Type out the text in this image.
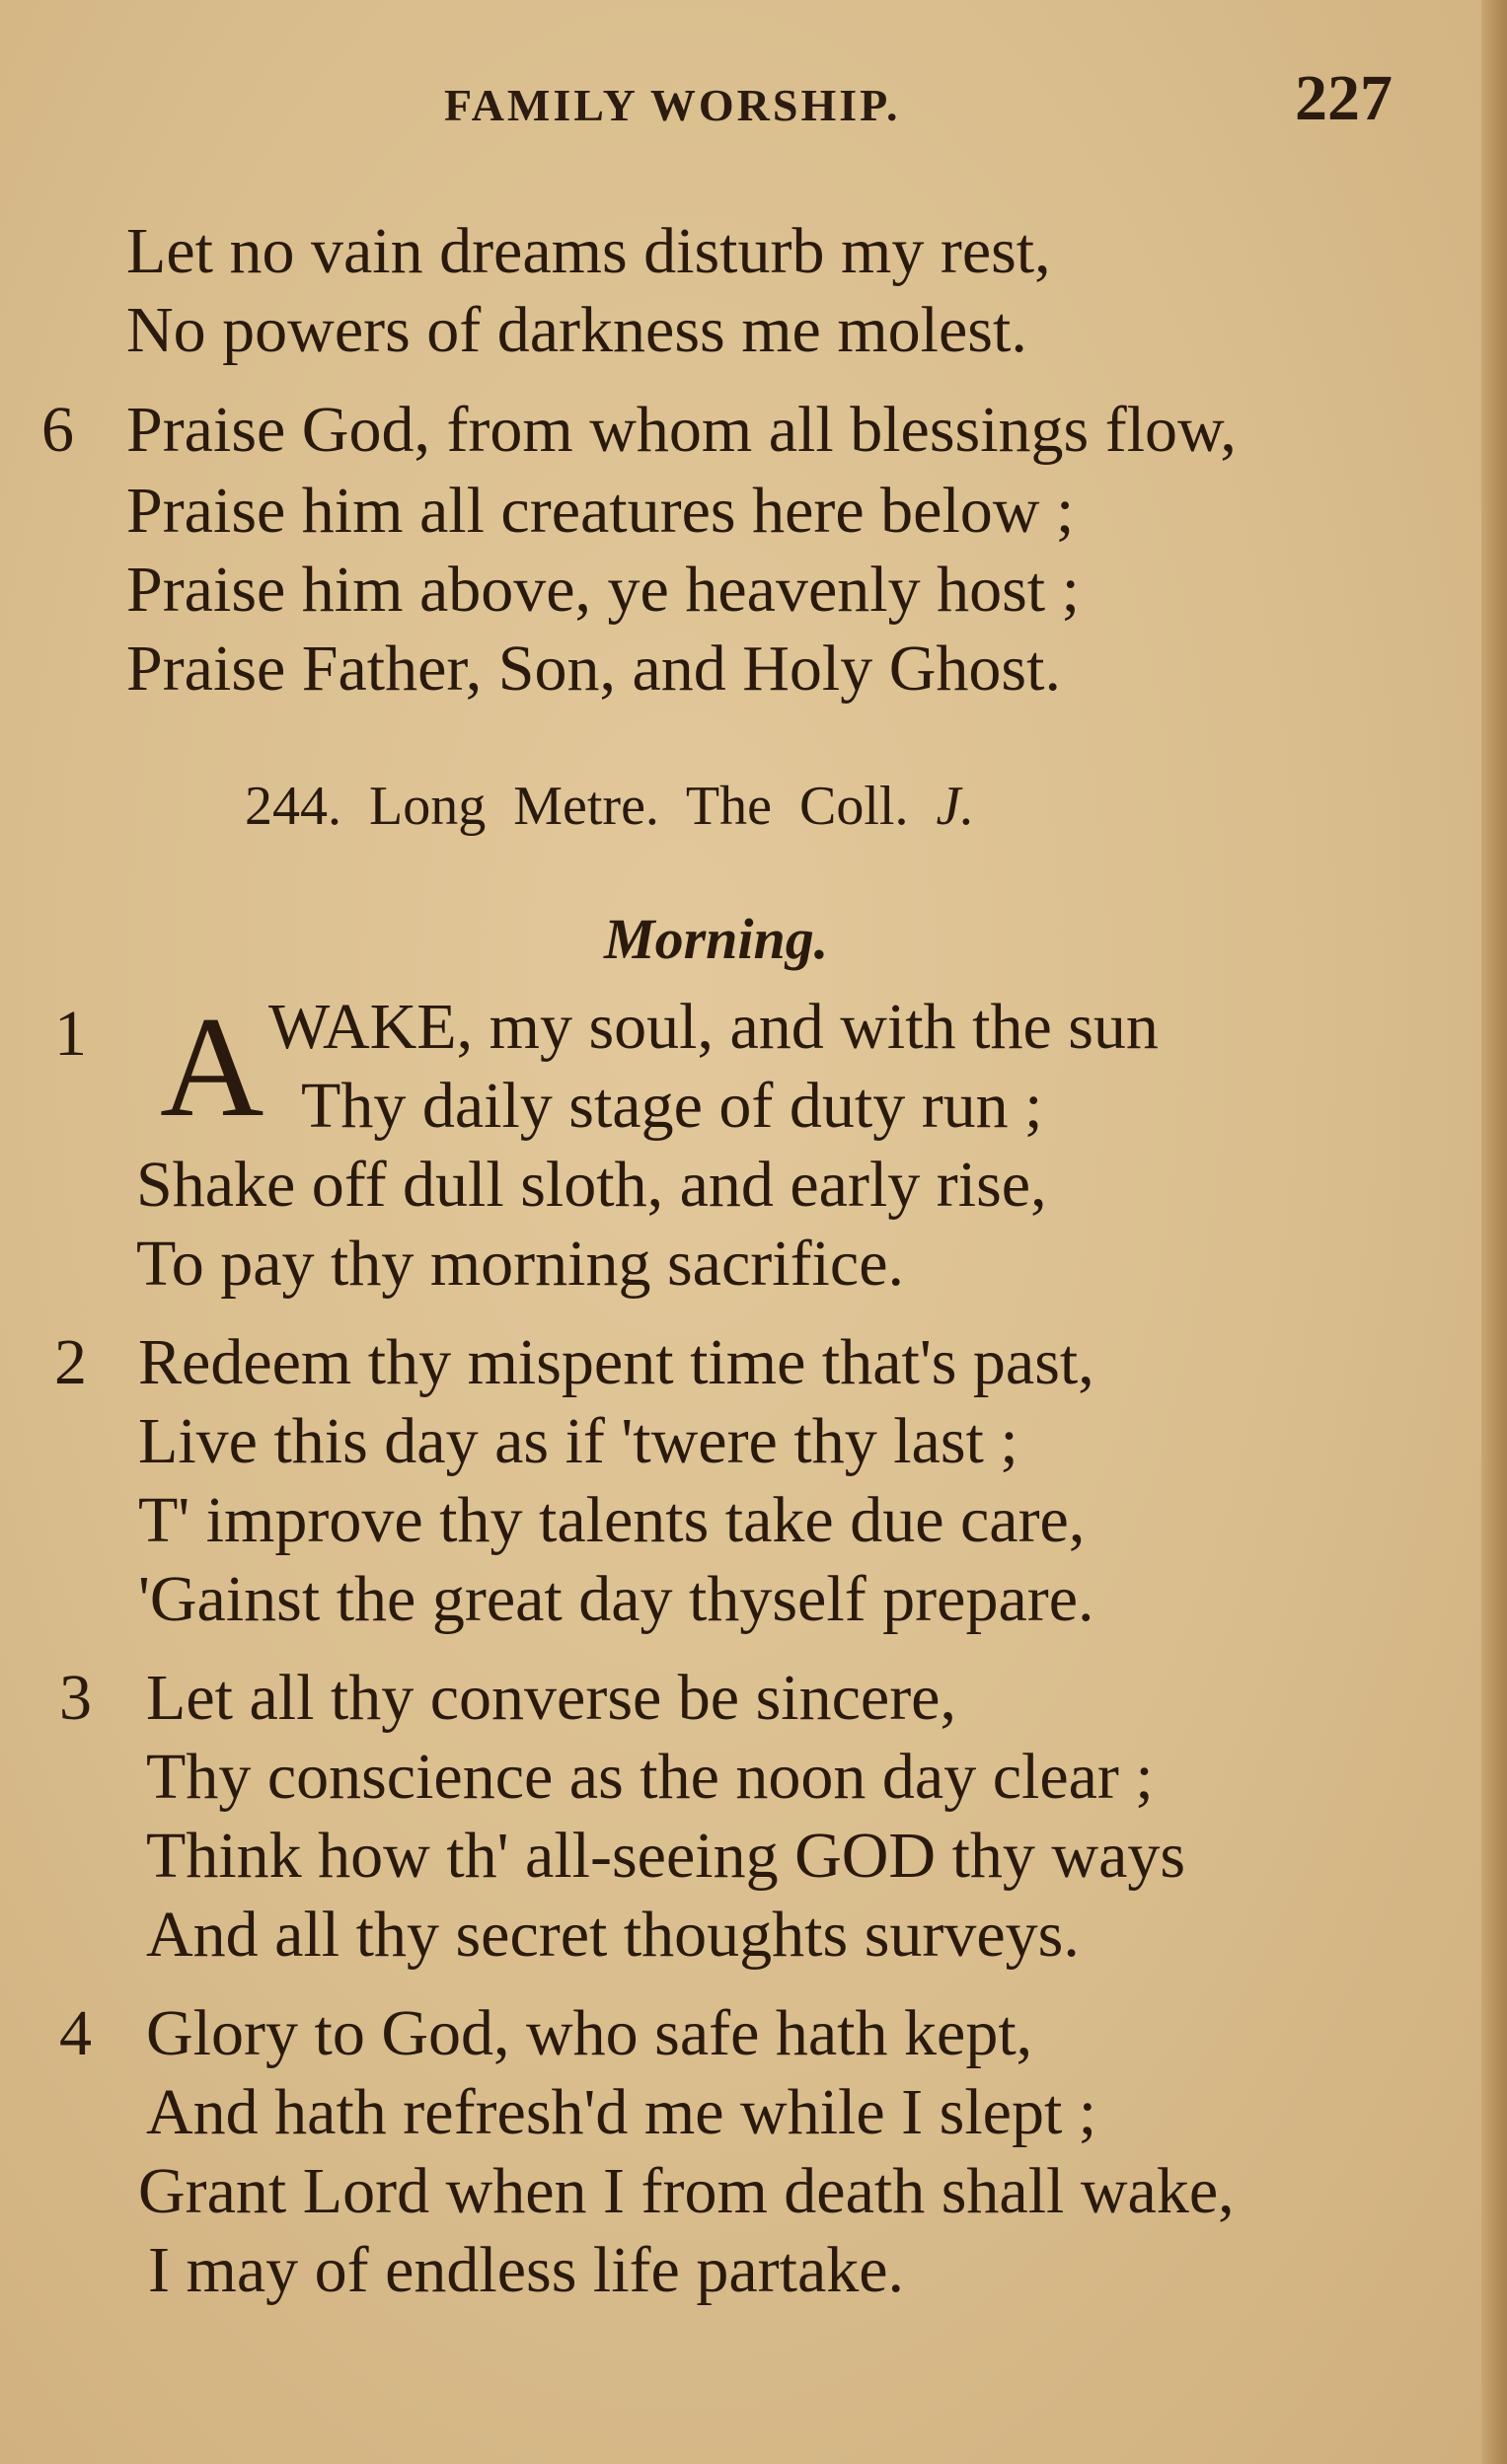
FAMILY WORSHIP.	227
Let no vain dreams disturb my rest,
No powers of darkness me molest.
6 Praise God, from whom all blessings flow,
Praise him all creatures here below ;
Praise him above, ye heavenly host ;
Praise Father, Son, and Holy Ghost.
244. Long Metre. The Coll. J.
Morning.
1 A WAKE, my soul, and with the sun
Thy daily stage of duty run ;
Shake off dull sloth, and early rise,
To pay thy morning sacrifice.
2 Redeem thy mispent time that's past,
Live this day as if 'twere thy last ;
T' improve thy talents take due care,
'Gainst the great day thyself prepare.
3 Let all thy converse be sincere,
Thy conscience as the noon day clear ;
Think how th' all-seeing GOD thy ways
And all thy secret thoughts surveys.
4 Glory to God, who safe hath kept,
And hath refresh'd me while I slept ;
Grant Lord when I from death shall wake,
I may of endless life partake.
